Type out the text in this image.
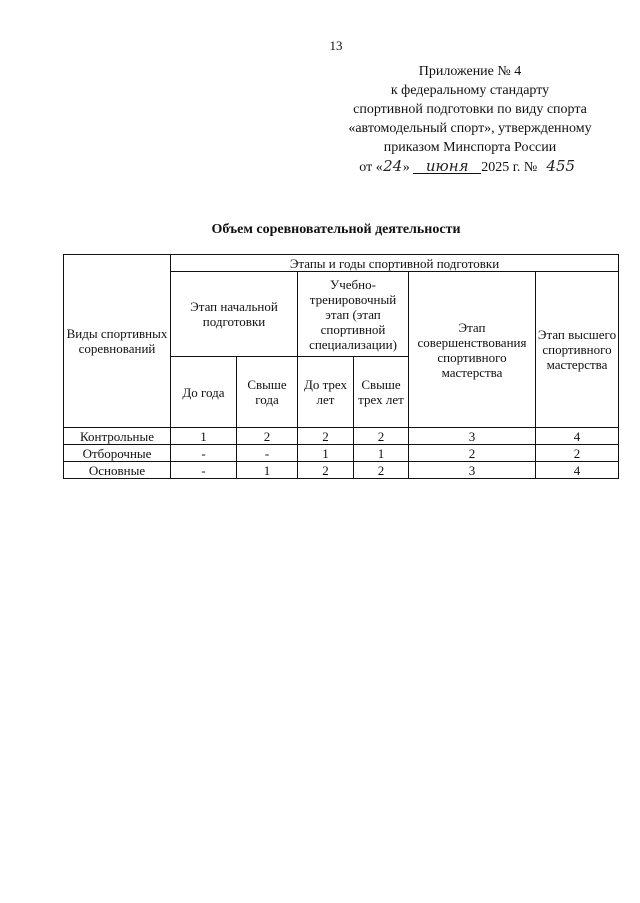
13
Приложение № 4
к федеральному стандарту
спортивной подготовки по виду спорта
«автомодельный спорт», утвержденному
приказом Минспорта России
от «24» июня 2025 г. № 455
Объем соревновательной деятельности
Виды спортивных соревнований	Этапы и годы спортивной подготовки					
	Этап начальной подготовки		Учебно-тренировочный этап (этап спортивной специализации)		Этап совершенствования спортивного мастерства	Этап высшего спортивного мастерства
	До года	Свыше года	До трех лет	Свыше трех лет		
Контрольные	1	2	2	2	3	4
Отборочные	-	-	1	1	2	2
Основные	-	1	2	2	3	4
